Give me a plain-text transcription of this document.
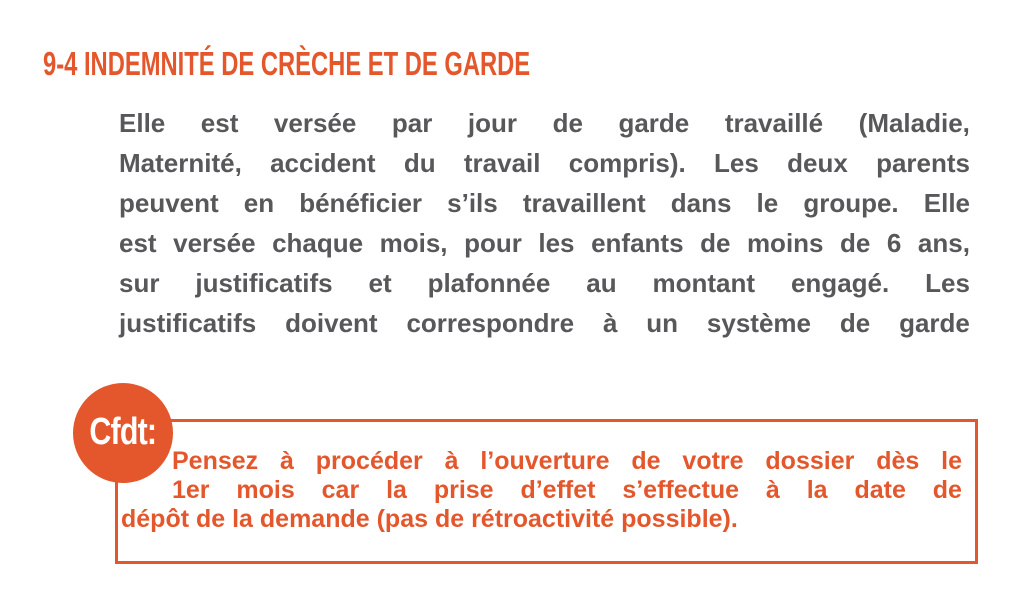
9-4 INDEMNITÉ DE CRÈCHE ET DE GARDE
Elle est versée par jour de garde travaillé (Maladie,
Maternité, accident du travail compris). Les deux parents
peuvent en bénéficier s’ils travaillent dans le groupe. Elle
est versée chaque mois, pour les enfants de moins de 6 ans,
sur justificatifs et plafonnée au montant engagé. Les
justificatifs doivent correspondre à un système de garde
Pensez à procéder à l’ouverture de votre dossier dès le
1er mois car la prise d’effet s’effectue à la date de
dépôt de la demande (pas de rétroactivité possible).
Cfdt:
